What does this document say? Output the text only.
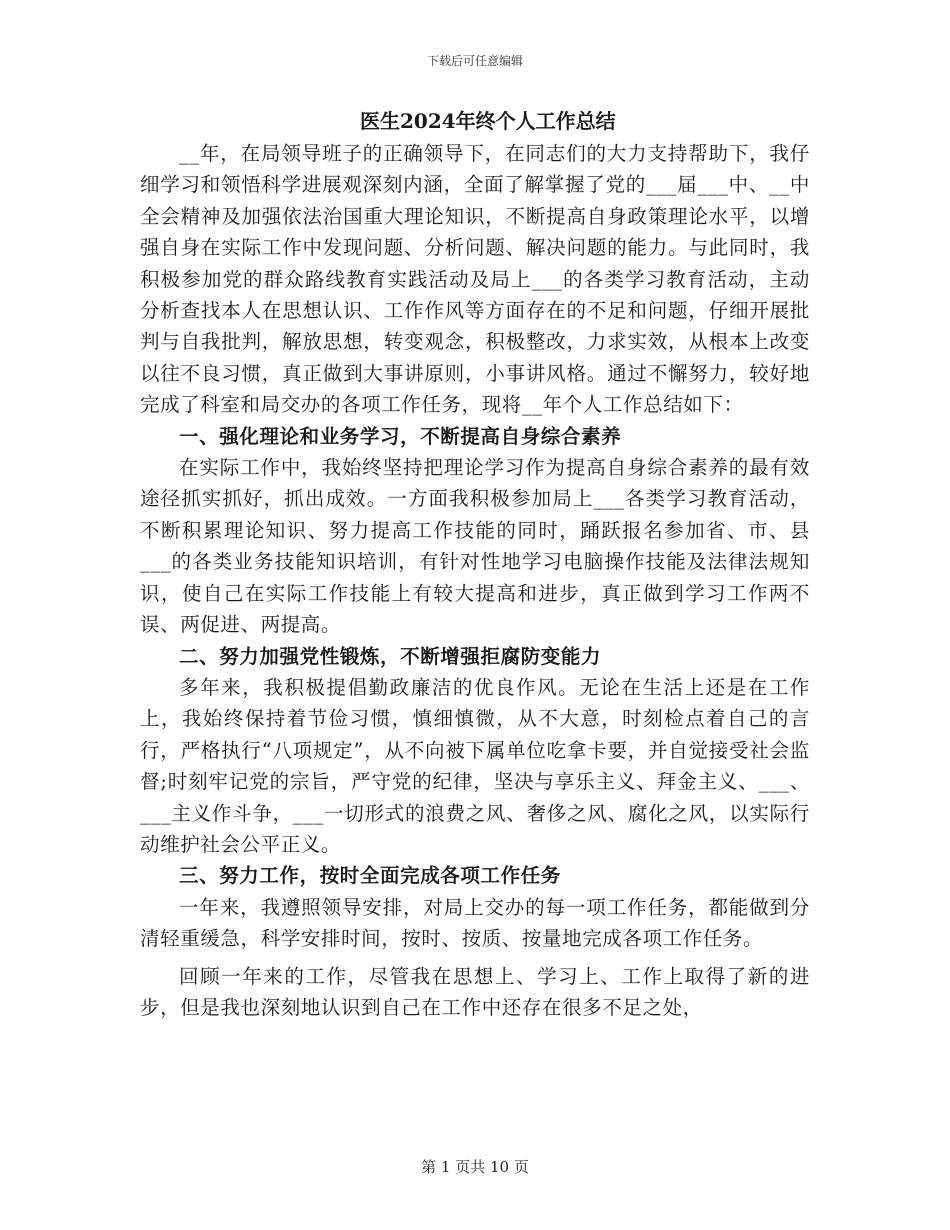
下载后可任意编辑
医生2024年终个人工作总结

__年，在局领导班子的正确领导下，在同志们的大力支持帮助下，我仔细学习和领悟科学进展观深刻内涵，全面了解掌握了党的___届___中、__中全会精神及加强依法治国重大理论知识，不断提高自身政策理论水平，以增强自身在实际工作中发现问题、分析问题、解决问题的能力。与此同时，我积极参加党的群众路线教育实践活动及局上___的各类学习教育活动，主动分析查找本人在思想认识、工作作风等方面存在的不足和问题，仔细开展批判与自我批判，解放思想，转变观念，积极整改，力求实效，从根本上改变以往不良习惯，真正做到大事讲原则，小事讲风格。通过不懈努力，较好地完成了科室和局交办的各项工作任务，现将__年个人工作总结如下：

一、强化理论和业务学习，不断提高自身综合素养

在实际工作中，我始终坚持把理论学习作为提高自身综合素养的最有效途径抓实抓好，抓出成效。一方面我积极参加局上___各类学习教育活动，不断积累理论知识、努力提高工作技能的同时，踊跃报名参加省、市、县___的各类业务技能知识培训，有针对性地学习电脑操作技能及法律法规知识，使自己在实际工作技能上有较大提高和进步，真正做到学习工作两不误、两促进、两提高。

二、努力加强党性锻炼，不断增强拒腐防变能力

多年来，我积极提倡勤政廉洁的优良作风。无论在生活上还是在工作上，我始终保持着节俭习惯，慎细慎微，从不大意，时刻检点着自己的言行，严格执行“八项规定”，从不向被下属单位吃拿卡要，并自觉接受社会监督;时刻牢记党的宗旨，严守党的纪律，坚决与享乐主义、拜金主义、___、___主义作斗争，___一切形式的浪费之风、奢侈之风、腐化之风，以实际行动维护社会公平正义。

三、努力工作，按时全面完成各项工作任务

一年来，我遵照领导安排，对局上交办的每一项工作任务，都能做到分清轻重缓急，科学安排时间，按时、按质、按量地完成各项工作任务。

回顾一年来的工作，尽管我在思想上、学习上、工作上取得了新的进步，但是我也深刻地认识到自己在工作中还存在很多不足之处，

第 1 页共 10 页
